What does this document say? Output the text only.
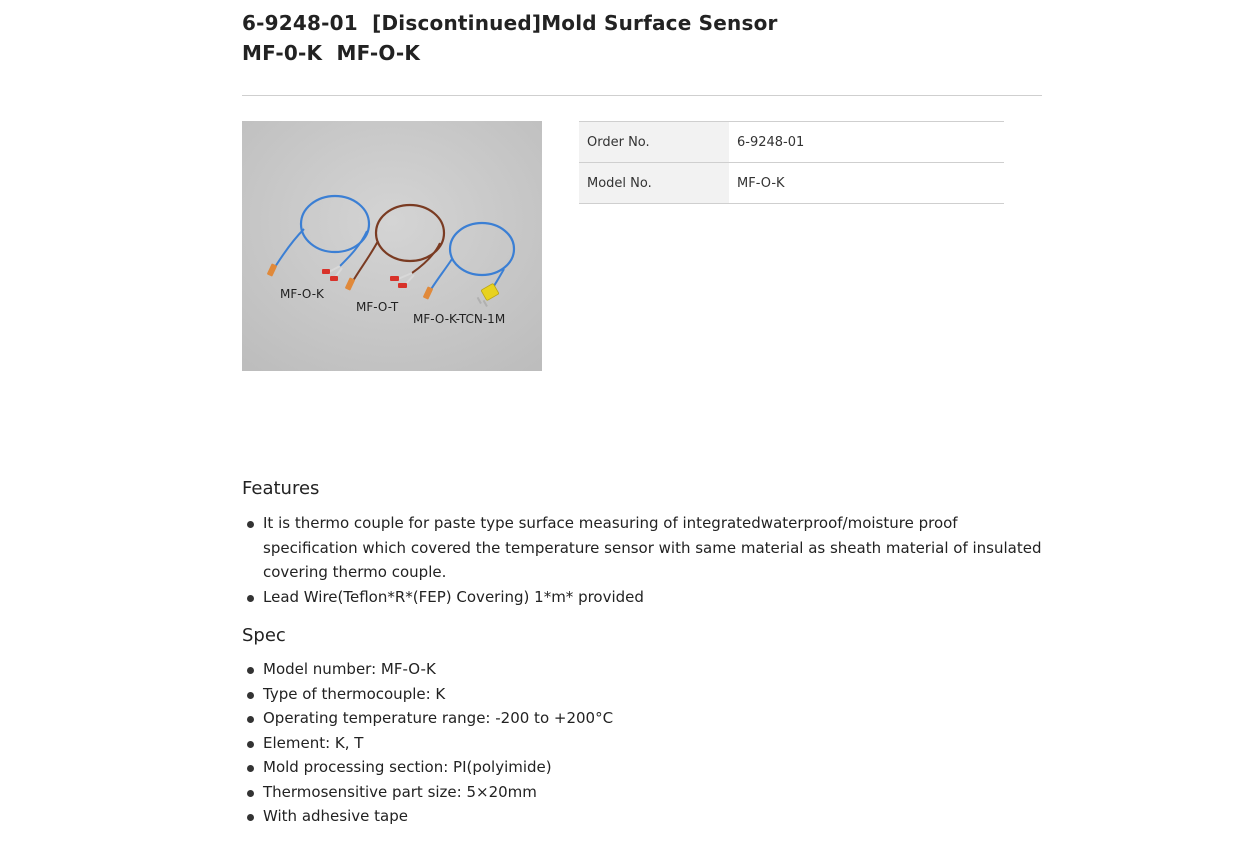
6-9248-01 [Discontinued]Mold Surface Sensor
MF-0-K MF-O-K
MF-O-K
MF-O-T
MF-O-K-TCN-1M
Order No.	6-9248-01
Model No.	MF-O-K
Features
It is thermo couple for paste type surface measuring of integratedwaterproof/moisture proof specification which covered the temperature sensor with same material as sheath material of insulated covering thermo couple.
Lead Wire(Teflon*R*(FEP) Covering) 1*m* provided
Spec
Model number: MF-O-K
Type of thermocouple: K
Operating temperature range: -200 to +200°C
Element: K, T
Mold processing section: PI(polyimide)
Thermosensitive part size: 5×20mm
With adhesive tape
